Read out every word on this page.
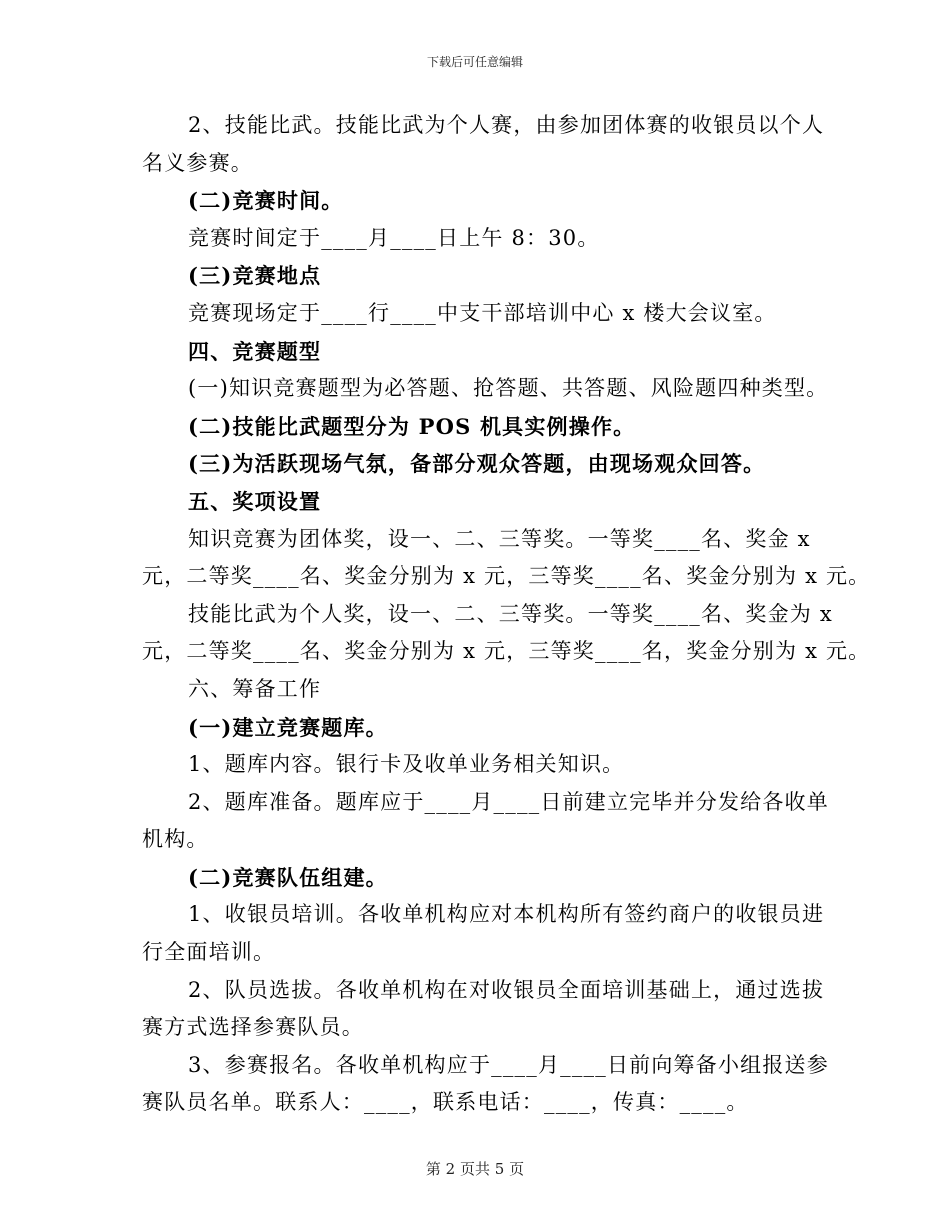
下载后可任意编辑
2、技能比武。技能比武为个人赛，由参加团体赛的收银员以个人
名义参赛。
(二)竞赛时间。
竞赛时间定于____月____日上午 8：30。
(三)竞赛地点
竞赛现场定于____行____中支干部培训中心 x 楼大会议室。
四、竞赛题型
(一)知识竞赛题型为必答题、抢答题、共答题、风险题四种类型。
(二)技能比武题型分为 POS 机具实例操作。
(三)为活跃现场气氛，备部分观众答题，由现场观众回答。
五、奖项设置
知识竞赛为团体奖，设一、二、三等奖。一等奖____名、奖金 x
元，二等奖____名、奖金分别为 x 元，三等奖____名、奖金分别为 x 元。
技能比武为个人奖，设一、二、三等奖。一等奖____名、奖金为 x
元，二等奖____名、奖金分别为 x 元，三等奖____名，奖金分别为 x 元。
六、筹备工作
(一)建立竞赛题库。
1、题库内容。银行卡及收单业务相关知识。
2、题库准备。题库应于____月____日前建立完毕并分发给各收单
机构。
(二)竞赛队伍组建。
1、收银员培训。各收单机构应对本机构所有签约商户的收银员进
行全面培训。
2、队员选拔。各收单机构在对收银员全面培训基础上，通过选拔
赛方式选择参赛队员。
3、参赛报名。各收单机构应于____月____日前向筹备小组报送参
赛队员名单。联系人：____，联系电话：____，传真：____。
第 2 页共 5 页
